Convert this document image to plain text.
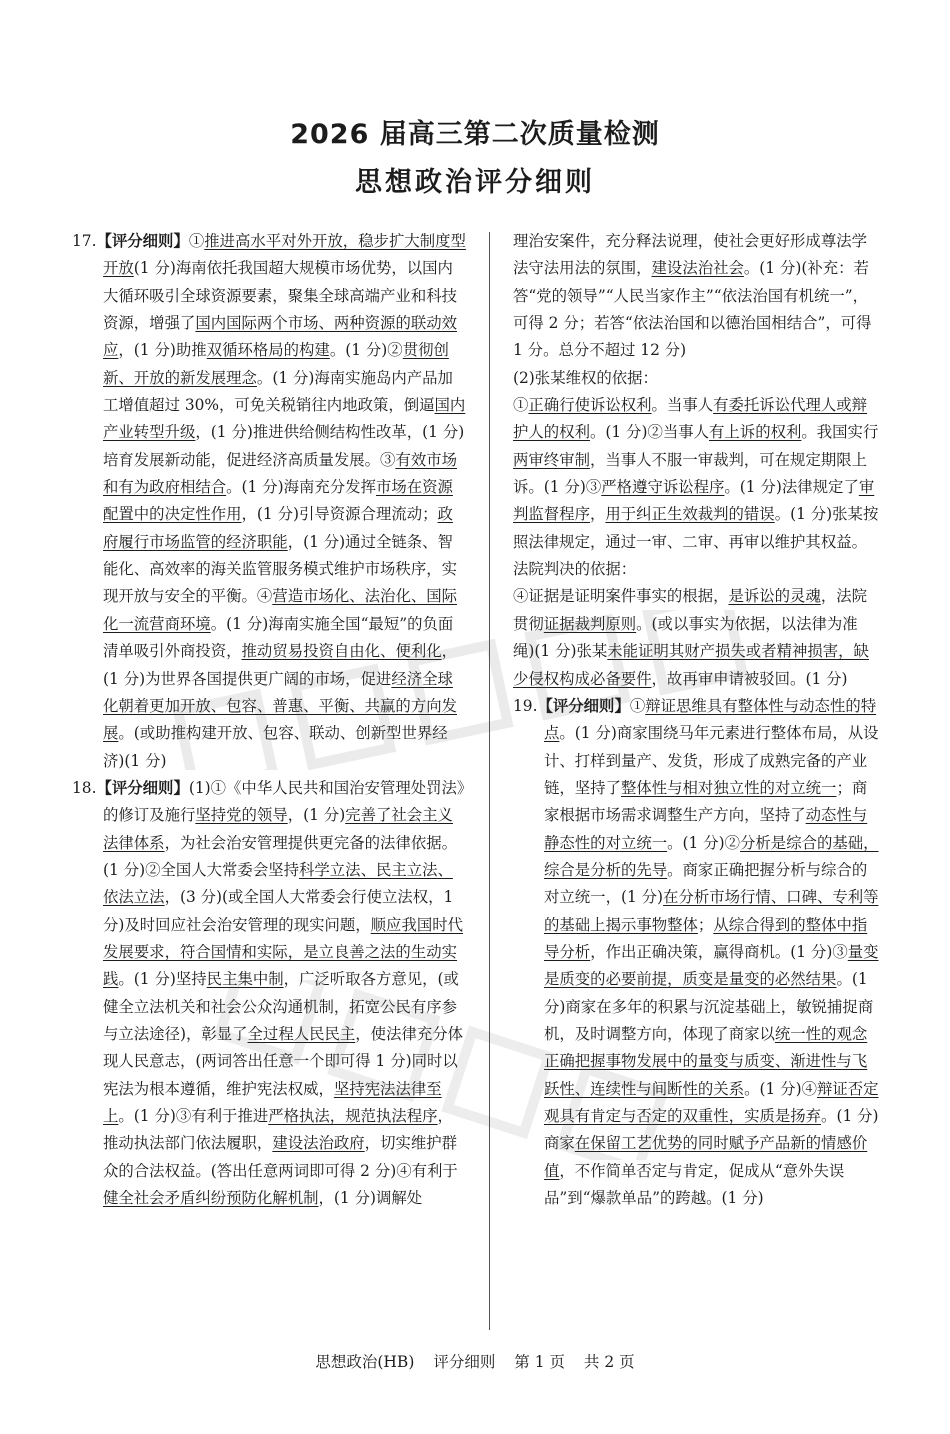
2026 届高三第二次质量检测
思想政治评分细则

17.【评分细则】①推进高水平对外开放，稳步扩大制度型开放(1 分)海南依托我国超大规模市场优势，以国内大循环吸引全球资源要素，聚集全球高端产业和科技资源，增强了国内国际两个市场、两种资源的联动效应，(1 分)助推双循环格局的构建。(1 分)②贯彻创新、开放的新发展理念。(1 分)海南实施岛内产品加工增值超过 30%，可免关税销往内地政策，倒逼国内产业转型升级，(1 分)推进供给侧结构性改革，(1 分)培育发展新动能，促进经济高质量发展。③有效市场和有为政府相结合。(1 分)海南充分发挥市场在资源配置中的决定性作用，(1 分)引导资源合理流动；政府履行市场监管的经济职能，(1 分)通过全链条、智能化、高效率的海关监管服务模式维护市场秩序，实现开放与安全的平衡。④营造市场化、法治化、国际化一流营商环境。(1 分)海南实施全国“最短”的负面清单吸引外商投资，推动贸易投资自由化、便利化，(1 分)为世界各国提供更广阔的市场，促进经济全球化朝着更加开放、包容、普惠、平衡、共赢的方向发展。(或助推构建开放、包容、联动、创新型世界经济)(1 分)

18.【评分细则】(1)①《中华人民共和国治安管理处罚法》的修订及施行坚持党的领导，(1 分)完善了社会主义法律体系，为社会治安管理提供更完备的法律依据。(1 分)②全国人大常委会坚持科学立法、民主立法、依法立法，(3 分)(或全国人大常委会行使立法权，1 分)及时回应社会治安管理的现实问题，顺应我国时代发展要求，符合国情和实际，是立良善之法的生动实践。(1 分)坚持民主集中制，广泛听取各方意见，(或健全立法机关和社会公众沟通机制，拓宽公民有序参与立法途径)，彰显了全过程人民民主，使法律充分体现人民意志，(两词答出任意一个即可得 1 分)同时以宪法为根本遵循，维护宪法权威，坚持宪法法律至上。(1 分)③有利于推进严格执法，规范执法程序，推动执法部门依法履职，建设法治政府，切实维护群众的合法权益。(答出任意两词即可得 2 分)④有利于健全社会矛盾纠纷预防化解机制，(1 分)调解处

理治安案件，充分释法说理，使社会更好形成尊法学法守法用法的氛围，建设法治社会。(1 分)(补充：若答“党的领导”“人民当家作主”“依法治国有机统一”，可得 2 分；若答“依法治国和以德治国相结合”，可得 1 分。总分不超过 12 分)

(2)张某维权的依据：

①正确行使诉讼权利。当事人有委托诉讼代理人或辩护人的权利。(1 分)②当事人有上诉的权利。我国实行两审终审制，当事人不服一审裁判，可在规定期限上诉。(1 分)③严格遵守诉讼程序。(1 分)法律规定了审判监督程序，用于纠正生效裁判的错误。(1 分)张某按照法律规定，通过一审、二审、再审以维护其权益。

法院判决的依据：

④证据是证明案件事实的根据，是诉讼的灵魂，法院贯彻证据裁判原则。(或以事实为依据，以法律为准绳)(1 分)张某未能证明其财产损失或者精神损害，缺少侵权构成必备要件，故再审申请被驳回。(1 分)

19.【评分细则】①辩证思维具有整体性与动态性的特点。(1 分)商家围绕马年元素进行整体布局，从设计、打样到量产、发货，形成了成熟完备的产业链，坚持了整体性与相对独立性的对立统一；商家根据市场需求调整生产方向，坚持了动态性与静态性的对立统一。(1 分)②分析是综合的基础，综合是分析的先导。商家正确把握分析与综合的对立统一，(1 分)在分析市场行情、口碑、专利等的基础上揭示事物整体；从综合得到的整体中指导分析，作出正确决策，赢得商机。(1 分)③量变是质变的必要前提，质变是量变的必然结果。(1 分)商家在多年的积累与沉淀基础上，敏锐捕捉商机，及时调整方向，体现了商家以统一性的观念正确把握事物发展中的量变与质变、渐进性与飞跃性、连续性与间断性的关系。(1 分)④辩证否定观具有肯定与否定的双重性，实质是扬弃。(1 分)商家在保留工艺优势的同时赋予产品新的情感价值，不作简单否定与肯定，促成从“意外失误品”到“爆款单品”的跨越。(1 分)

思想政治(HB) 评分细则 第 1 页 共 2 页
